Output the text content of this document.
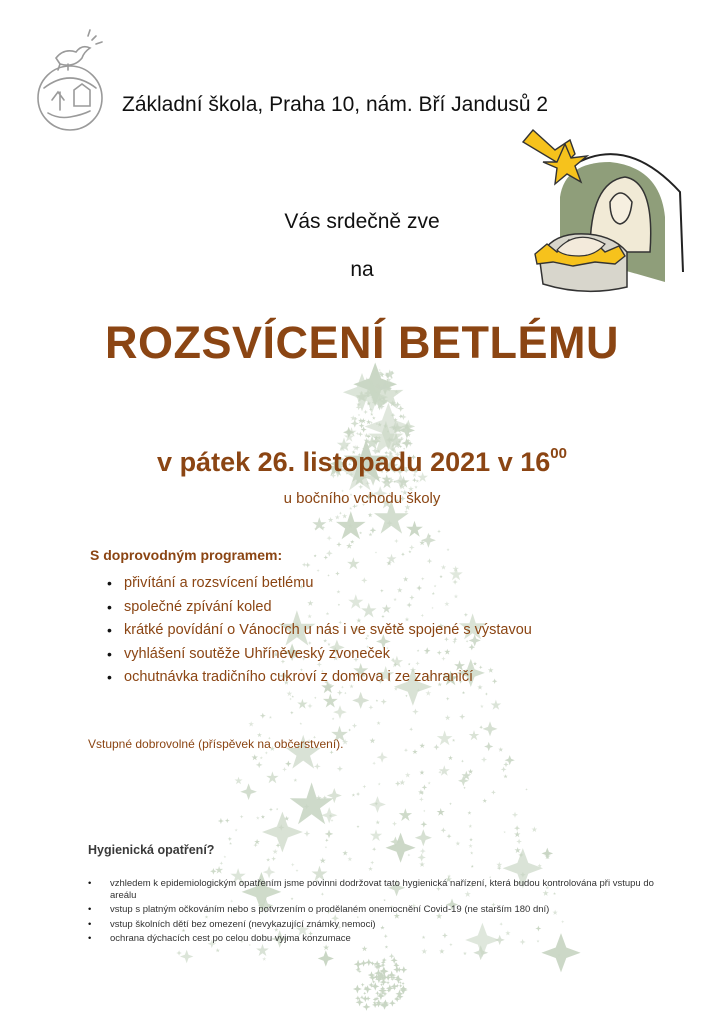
Základní škola, Praha 10, nám. Bří Jandusů 2
Vás srdečně zve
na
ROZSVÍCENÍ BETLÉMU
v pátek 26. listopadu 2021 v $16^{00}$
u bočního vchodu školy
S doprovodným programem:
• přivítání a rozsvícení betlému
• společné zpívání koled
• krátké povídání o Vánocích u nás i ve světě spojené s výstavou
• vyhlášení soutěže Uhříněveský zvoneček
• ochutnávka tradičního cukroví z domova i ze zahraničí
Vstupné dobrovolné (příspěvek na občerstvení).
Hygienická opatření?
• vzhledem k epidemiologickým opatřením jsme povinni dodržovat tato hygienická nařízení, která budou kontrolována při vstupu do areálu
• vstup s platným očkováním nebo s potvrzením o prodělaném onemocnění Covid-19 (ne starším 180 dní)
• vstup školních dětí bez omezení (nevykazující známky nemoci)
• ochrana dýchacích cest po celou dobu vyjma konzumace
